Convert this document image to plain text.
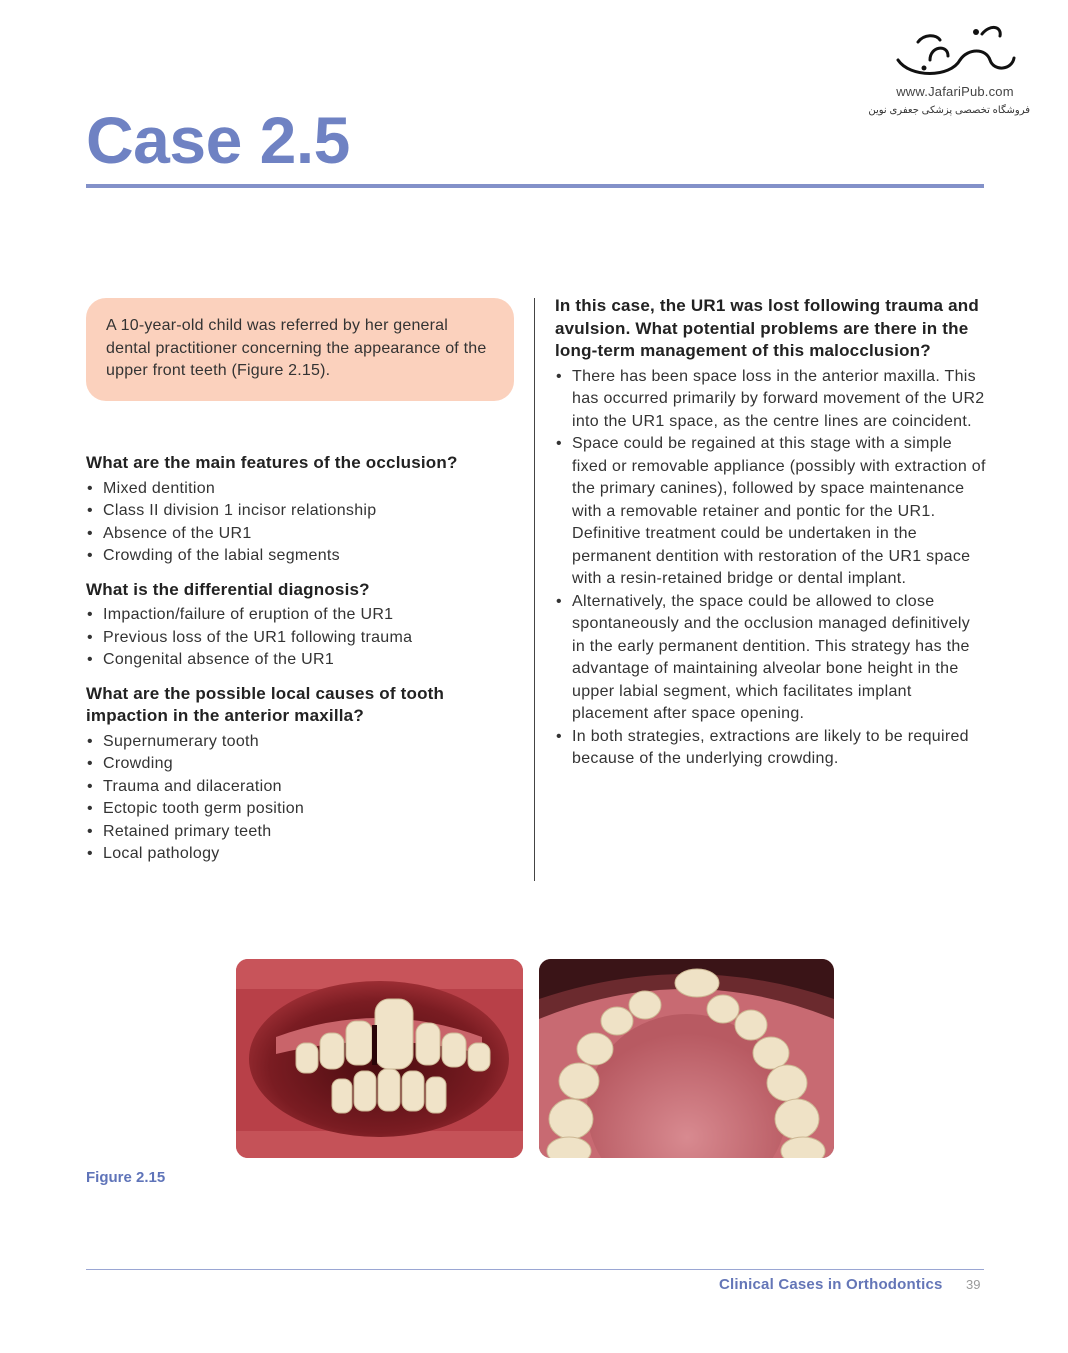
www.JafariPub.com
فروشگاه تخصصی پزشکی جعفری نوین
Case 2.5
A 10-year-old child was referred by her general dental practitioner concerning the appearance of the upper front teeth (Figure 2.15).
What are the main features of the occlusion?
• Mixed dentition
• Class II division 1 incisor relationship
• Absence of the UR1
• Crowding of the labial segments
What is the differential diagnosis?
• Impaction/failure of eruption of the UR1
• Previous loss of the UR1 following trauma
• Congenital absence of the UR1
What are the possible local causes of tooth impaction in the anterior maxilla?
• Supernumerary tooth
• Crowding
• Trauma and dilaceration
• Ectopic tooth germ position
• Retained primary teeth
• Local pathology
In this case, the UR1 was lost following trauma and avulsion. What potential problems are there in the long-term management of this malocclusion?
• There has been space loss in the anterior maxilla. This has occurred primarily by forward movement of the UR2 into the UR1 space, as the centre lines are coincident.
• Space could be regained at this stage with a simple fixed or removable appliance (possibly with extraction of the primary canines), followed by space maintenance with a removable retainer and pontic for the UR1. Definitive treatment could be undertaken in the permanent dentition with restoration of the UR1 space with a resin-retained bridge or dental implant.
• Alternatively, the space could be allowed to close spontaneously and the occlusion managed definitively in the early permanent dentition. This strategy has the advantage of maintaining alveolar bone height in the upper labial segment, which facilitates implant placement after space opening.
• In both strategies, extractions are likely to be required because of the underlying crowding.
Figure 2.15
Clinical Cases in Orthodontics 39
